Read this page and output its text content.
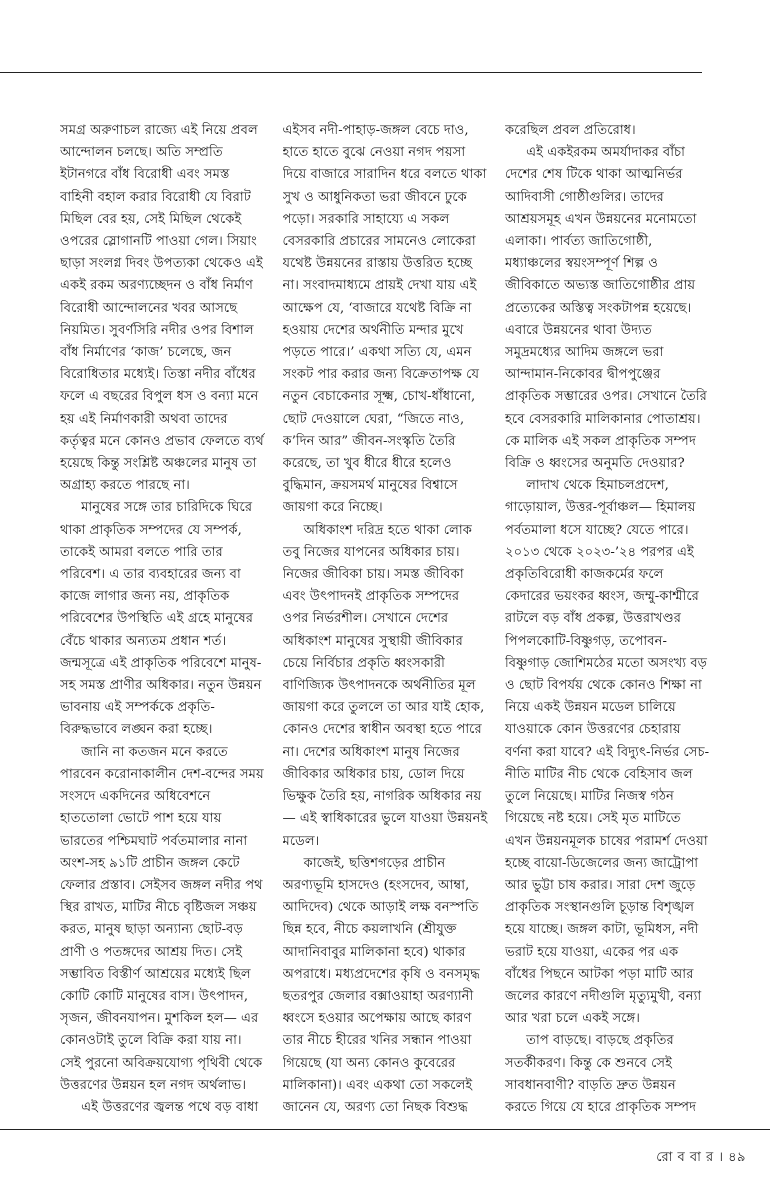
সমগ্র অরুণাচল রাজ্যে এই নিয়ে প্রবল আন্দোলন চলছে। অতি সম্প্রতি ইটানগরে বাঁধ বিরোধী এবং সমস্ত বাহিনী বহাল করার বিরোধী যে বিরাট মিছিল বের হয়, সেই মিছিল থেকেই ওপরের স্লোগানটি পাওয়া গেল। সিয়াং ছাড়া সংলগ্ন দিবং উপত্যকা থেকেও এই একই রকম অরণ্যচ্ছেদন ও বাঁধ নির্মাণ বিরোধী আন্দোলনের খবর আসছে নিয়মিত। সুবর্ণসিরি নদীর ওপর বিশাল বাঁধ নির্মাণের ‘কাজ’ চলেছে, জন বিরোধিতার মধ্যেই। তিস্তা নদীর বাঁধের ফলে এ বছরের বিপুল ধস ও বন্যা মনে হয় এই নির্মাণকারী অথবা তাদের কর্তৃত্বর মনে কোনও প্রভাব ফেলতে ব্যর্থ হয়েছে কিন্তু সংশ্লিষ্ট অঞ্চলের মানুষ তা অগ্রাহ্য করতে পারছে না।

মানুষের সঙ্গে তার চারিদিকে ঘিরে থাকা প্রাকৃতিক সম্পদের যে সম্পর্ক, তাকেই আমরা বলতে পারি তার পরিবেশ। এ তার ব্যবহারের জন্য বা কাজে লাগার জন্য নয়, প্রাকৃতিক পরিবেশের উপস্থিতি এই গ্রহে মানুষের বেঁচে থাকার অন্যতম প্রধান শর্ত। জন্মসূত্রে এই প্রাকৃতিক পরিবেশে মানুষ-সহ সমস্ত প্রাণীর অধিকার। নতুন উন্নয়ন ভাবনায় এই সম্পর্ককে প্রকৃতি-বিরুদ্ধভাবে লঙ্ঘন করা হচ্ছে।

জানি না কতজন মনে করতে পারবেন করোনাকালীন দেশ-বন্দের সময় সংসদে একদিনের অধিবেশনে হাততোলা ভোটে পাশ হয়ে যায় ভারতের পশ্চিমঘাট পর্বতমালার নানা অংশ-সহ ৯১টি প্রাচীন জঙ্গল কেটে ফেলার প্রস্তাব। সেইসব জঙ্গল নদীর পথ স্থির রাখত, মাটির নীচে বৃষ্টিজল সঞ্চয় করত, মানুষ ছাড়া অন্যান্য ছোট-বড় প্রাণী ও পতঙ্গদের আশ্রয় দিত। সেই সম্ভাবিত বিস্তীর্ণ আশ্রয়ের মধ্যেই ছিল কোটি কোটি মানুষের বাস। উৎপাদন, সৃজন, জীবনযাপন। মুশকিল হল— এর কোনওটাই তুলে বিক্রি করা যায় না। সেই পুরনো অবিক্রয়যোগ্য পৃথিবী থেকে উত্তরণের উন্নয়ন হল নগদ অর্থলাভ।

এই উত্তরণের জ্বলন্ত পথে বড় বাধা

এইসব নদী-পাহাড়-জঙ্গল বেচে দাও, হাতে হাতে বুঝে নেওয়া নগদ পয়সা দিয়ে বাজারে সারাদিন ধরে বলতে থাকা সুখ ও আধুনিকতা ভরা জীবনে ঢুকে পড়ো। সরকারি সাহায্যে এ সকল বেসরকারি প্রচারের সামনেও লোকেরা যথেষ্ট উন্নয়নের রাস্তায় উত্তরিত হচ্ছে না। সংবাদমাধ্যমে প্রায়ই দেখা যায় এই আক্ষেপ যে, ‘বাজারে যথেষ্ট বিক্রি না হওয়ায় দেশের অর্থনীতি মন্দার মুখে পড়তে পারে।’ একথা সত্যি যে, এমন সংকট পার করার জন্য বিক্রেতাপক্ষ যে নতুন বেচাকেনার সূক্ষ্ম, চোখ-ধাঁধানো, ছোট দেওয়ালে ঘেরা, “জিতে নাও, ক’দিন আর” জীবন-সংস্কৃতি তৈরি করেছে, তা খুব ধীরে ধীরে হলেও বুদ্ধিমান, ক্রয়সমর্থ মানুষের বিশ্বাসে জায়গা করে নিচ্ছে।

অধিকাংশ দরিদ্র হতে থাকা লোক তবু নিজের যাপনের অধিকার চায়। নিজের জীবিকা চায়। সমস্ত জীবিকা এবং উৎপাদনই প্রাকৃতিক সম্পদের ওপর নির্ভরশীল। সেখানে দেশের অধিকাংশ মানুষের সুস্থায়ী জীবিকার চেয়ে নির্বিচার প্রকৃতি ধ্বংসকারী বাণিজ্যিক উৎপাদনকে অর্থনীতির মূল জায়গা করে তুললে তা আর যাই হোক, কোনও দেশের স্বাধীন অবস্থা হতে পারে না। দেশের অধিকাংশ মানুষ নিজের জীবিকার অধিকার চায়, ডোল দিয়ে ভিক্ষুক তৈরি হয়, নাগরিক অধিকার নয়— এই স্বাধিকারের ভুলে যাওয়া উন্নয়নই মডেল।

কাজেই, ছত্তিশগড়ের প্রাচীন অরণ্যভূমি হাসদেও (হংসদেব, আম্বা, আদিদেব) থেকে আড়াই লক্ষ বনস্পতি ছিন্ন হবে, নীচে কয়লাখনি (শ্রীযুক্ত আদানিবাবুর মালিকানা হবে) থাকার অপরাধে। মধ্যপ্রদেশের কৃষি ও বনসমৃদ্ধ ছতরপুর জেলার বক্সাওয়াহা অরণ্যানী ধ্বংসে হওয়ার অপেক্ষায় আছে কারণ তার নীচে হীরের খনির সন্ধান পাওয়া গিয়েছে (যা অন্য কোনও কুবেরের মালিকানা)। এবং একথা তো সকলেই জানেন যে, অরণ্য তো নিছক বিশুদ্ধ

করেছিল প্রবল প্রতিরোধ।

এই একইরকম অমর্যাদাকর বাঁচা দেশের শেষ টিকে থাকা আত্মনির্ভর আদিবাসী গোষ্ঠীগুলির। তাদের আশ্রয়সমূহ এখন উন্নয়নের মনোমতো এলাকা। পার্বত্য জাতিগোষ্ঠী, মধ্যাঞ্চলের স্বয়ংসম্পূর্ণ শিল্প ও জীবিকাতে অভ্যস্ত জাতিগোষ্ঠীর প্রায় প্রত্যেকের অস্তিত্ব সংকটাপন্ন হয়েছে। এবারে উন্নয়নের থাবা উদ্যত সমুদ্রমধ্যের আদিম জঙ্গলে ভরা আন্দামান-নিকোবর দ্বীপপুঞ্জের প্রাকৃতিক সম্ভারের ওপর। সেখানে তৈরি হবে বেসরকারি মালিকানার পোতাশ্রয়। কে মালিক এই সকল প্রাকৃতিক সম্পদ বিক্রি ও ধ্বংসের অনুমতি দেওয়ার?

লাদাখ থেকে হিমাচলপ্রদেশ, গাড়োয়াল, উত্তর-পূর্বাঞ্চল— হিমালয় পর্বতমালা ধসে যাচ্ছে? যেতে পারে। ২০১৩ থেকে ২০২৩-’২৪ পরপর এই প্রকৃতিবিরোধী কাজকর্মের ফলে কেদারের ভয়ংকর ধ্বংস, জম্মু-কাশ্মীরে রাটলে বড় বাঁধ প্রকল্প, উত্তরাখণ্ডর পিপলকোটি-বিষ্ণুগড়, তপোবন-বিষ্ণুগাড় জোশিমঠের মতো অসংখ্য বড় ও ছোট বিপর্যয় থেকে কোনও শিক্ষা না নিয়ে একই উন্নয়ন মডেল চালিয়ে যাওয়াকে কোন উত্তরণের চেহারায় বর্ণনা করা যাবে? এই বিদ্যুৎ-নির্ভর সেচ-নীতি মাটির নীচ থেকে বেহিসাব জল তুলে নিয়েছে। মাটির নিজস্ব গঠন গিয়েছে নষ্ট হয়ে। সেই মৃত মাটিতে এখন উন্নয়নমূলক চাষের পরামর্শ দেওয়া হচ্ছে বায়ো-ডিজেলের জন্য জাট্রোপা আর ভুট্টা চাষ করার। সারা দেশ জুড়ে প্রাকৃতিক সংস্থানগুলি চূড়ান্ত বিশৃঙ্খল হয়ে যাচ্ছে। জঙ্গল কাটা, ভূমিধস, নদী ভরাট হয়ে যাওয়া, একের পর এক বাঁধের পিছনে আটকা পড়া মাটি আর জলের কারণে নদীগুলি মৃত্যুমুখী, বন্যা আর খরা চলে একই সঙ্গে।

তাপ বাড়ছে। বাড়ছে প্রকৃতির সতর্কীকরণ। কিন্তু কে শুনবে সেই সাবধানবাণী? বাড়তি দ্রুত উন্নয়ন করতে গিয়ে যে হারে প্রাকৃতিক সম্পদ

রো ব বা র । ৪৯
